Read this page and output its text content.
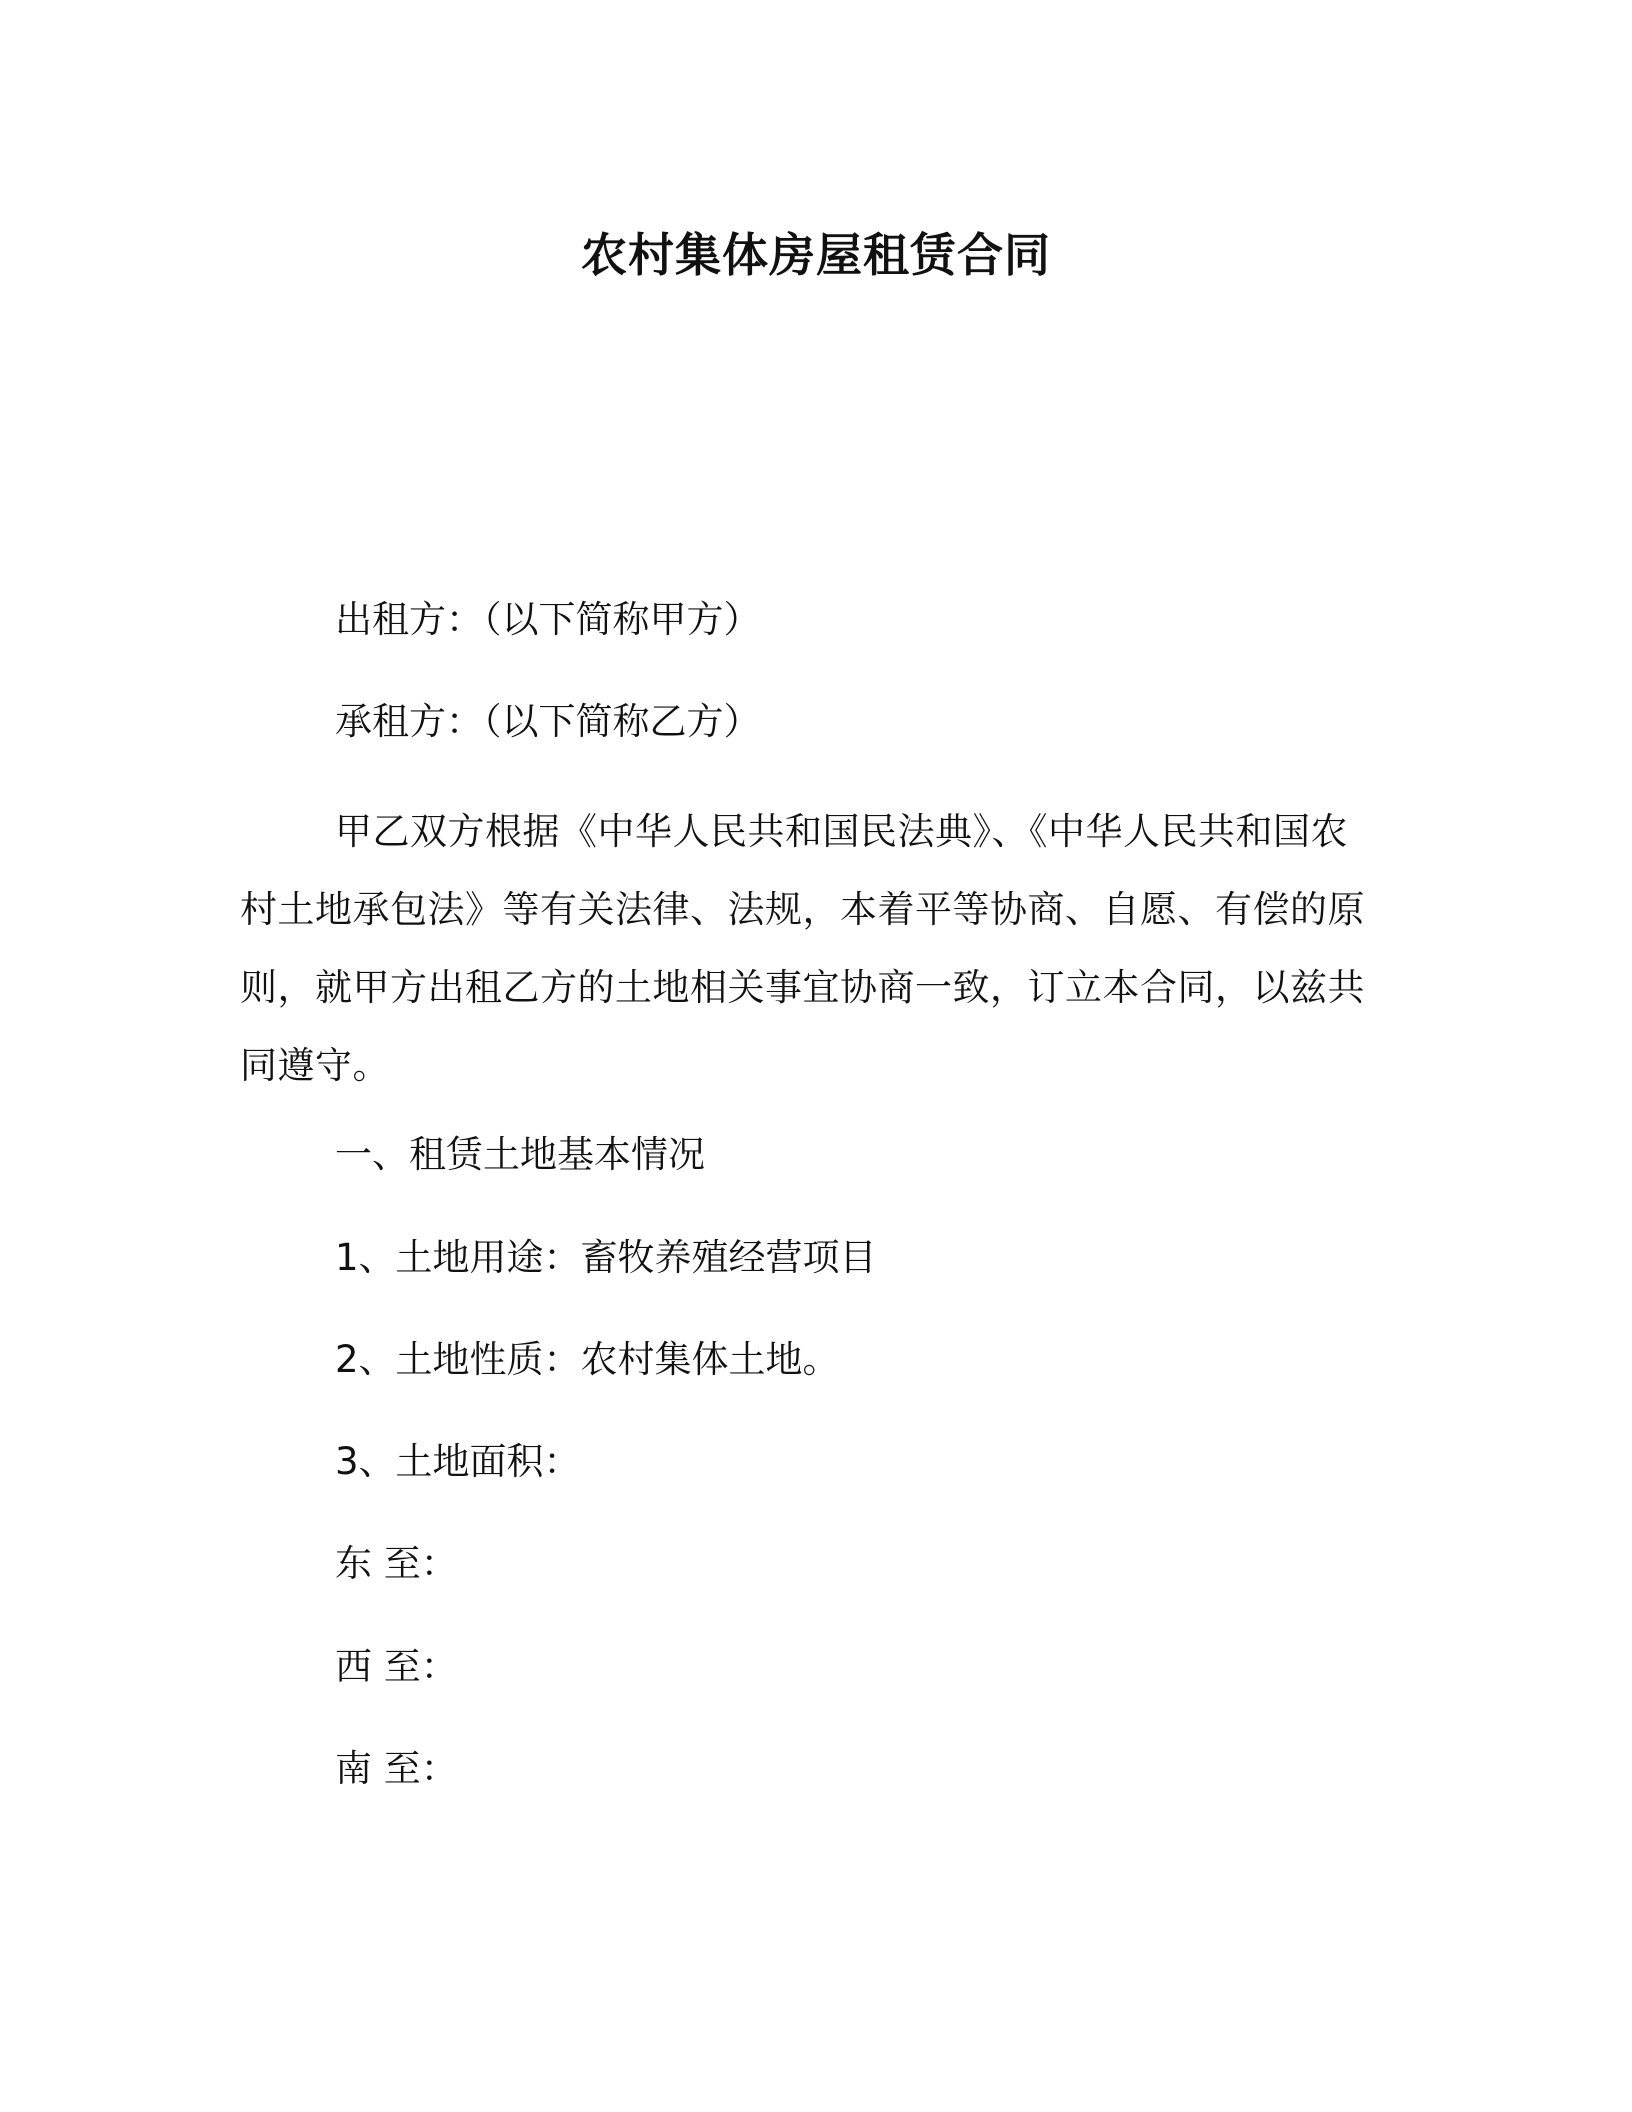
农村集体房屋租赁合同
出租方：（以下简称甲方）
承租方：（以下简称乙方）
甲乙双方根据《中华人民共和国民法典》、《中华人民共和国农村土地承包法》等有关法律、法规，本着平等协商、自愿、有偿的原则，就甲方出租乙方的土地相关事宜协商一致，订立本合同，以兹共同遵守。
一、租赁土地基本情况
1、土地用途：畜牧养殖经营项目
2、土地性质：农村集体土地。
3、土地面积：
东 至：
西 至：
南 至：
